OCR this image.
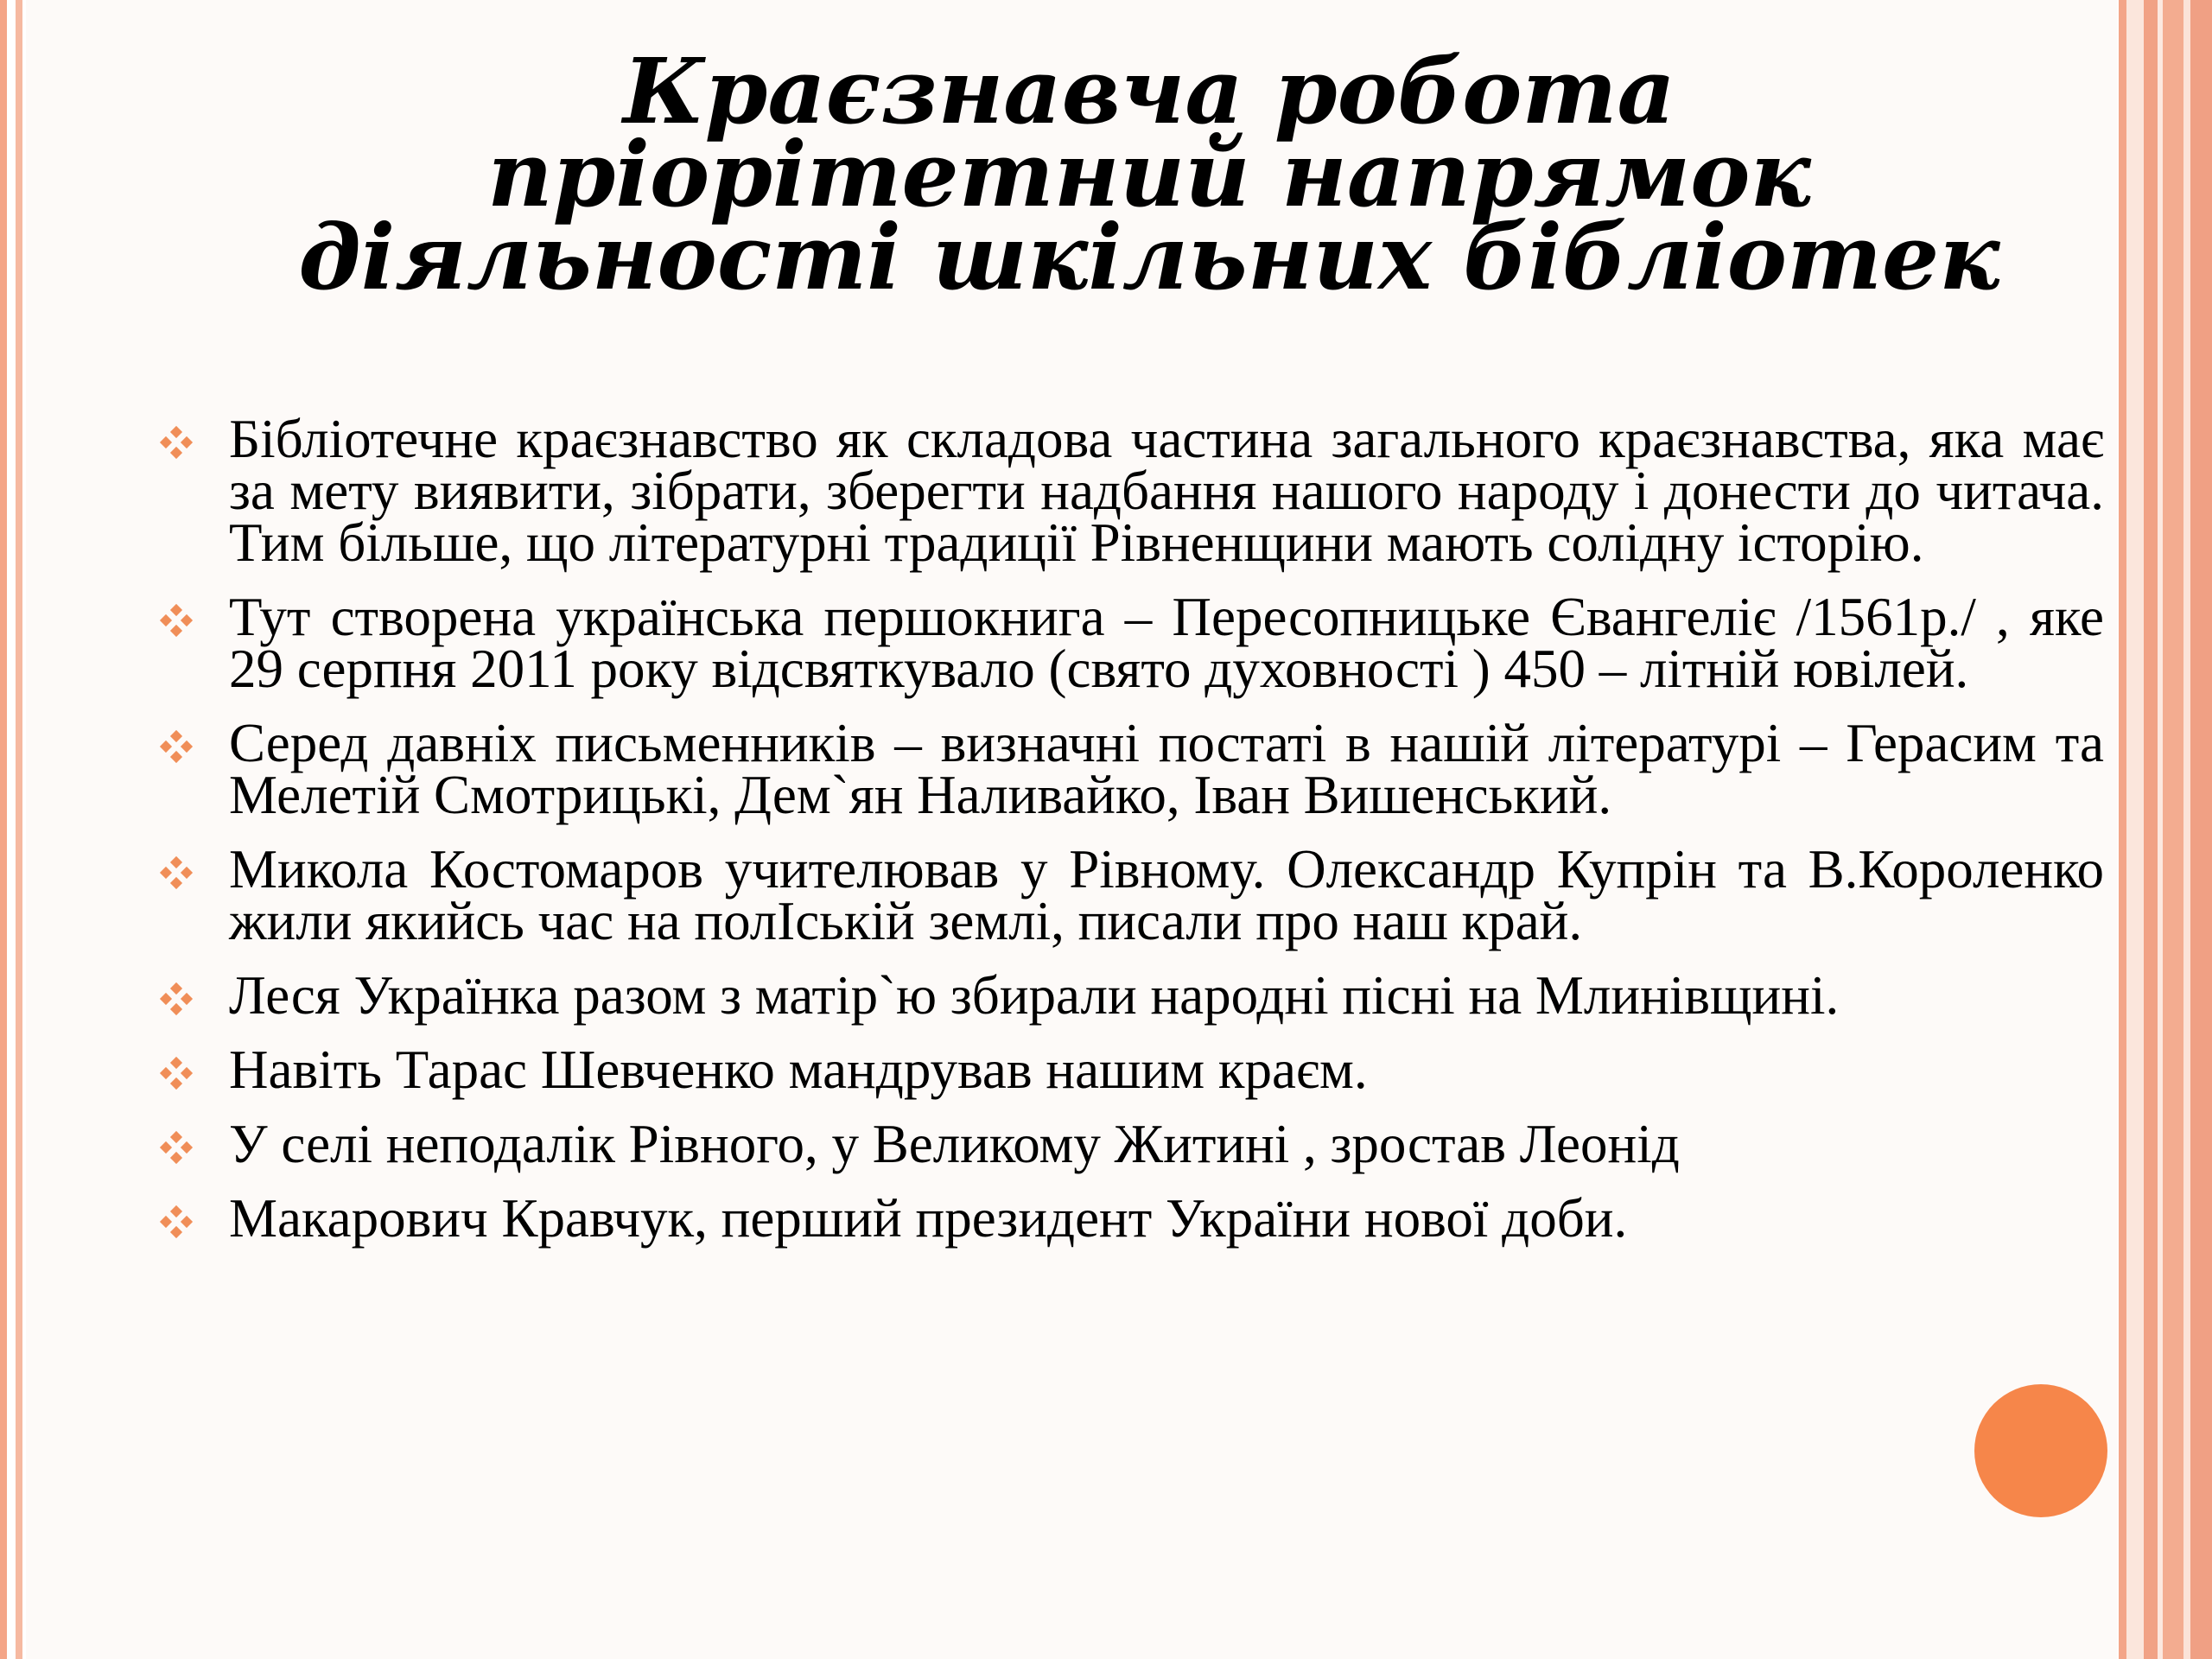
Краєзнавча робота
пріорітетний напрямок
діяльності шкільних бібліотек
Бібліотечне краєзнавство як складова частина загального краєзнавства, яка має за мету виявити, зібрати, зберегти надбання нашого народу і донести до читача. Тим більше, що літературні традиції Рівненщини мають солідну історію.
Тут створена українська першокнига – Пересопницьке Євангеліє /1561р./ , яке 29 серпня 2011 року відсвяткувало (свято духовності ) 450 – літній ювілей.
Серед давніх письменників – визначні постаті в нашій літературі – Герасим та Мелетій Смотрицькі, Дем`ян Наливайко, Іван Вишенський.
Микола Костомаров учителював у Рівному. Олександр Купрін та В.Короленко жили якийсь час на полІській землі, писали про наш край.
Леся Українка разом з матір`ю збирали народні пісні на Млинівщині.
Навіть Тарас Шевченко мандрував нашим краєм.
У селі неподалік Рівного, у Великому Житині , зростав Леонід
Макарович Кравчук, перший президент України нової доби.
